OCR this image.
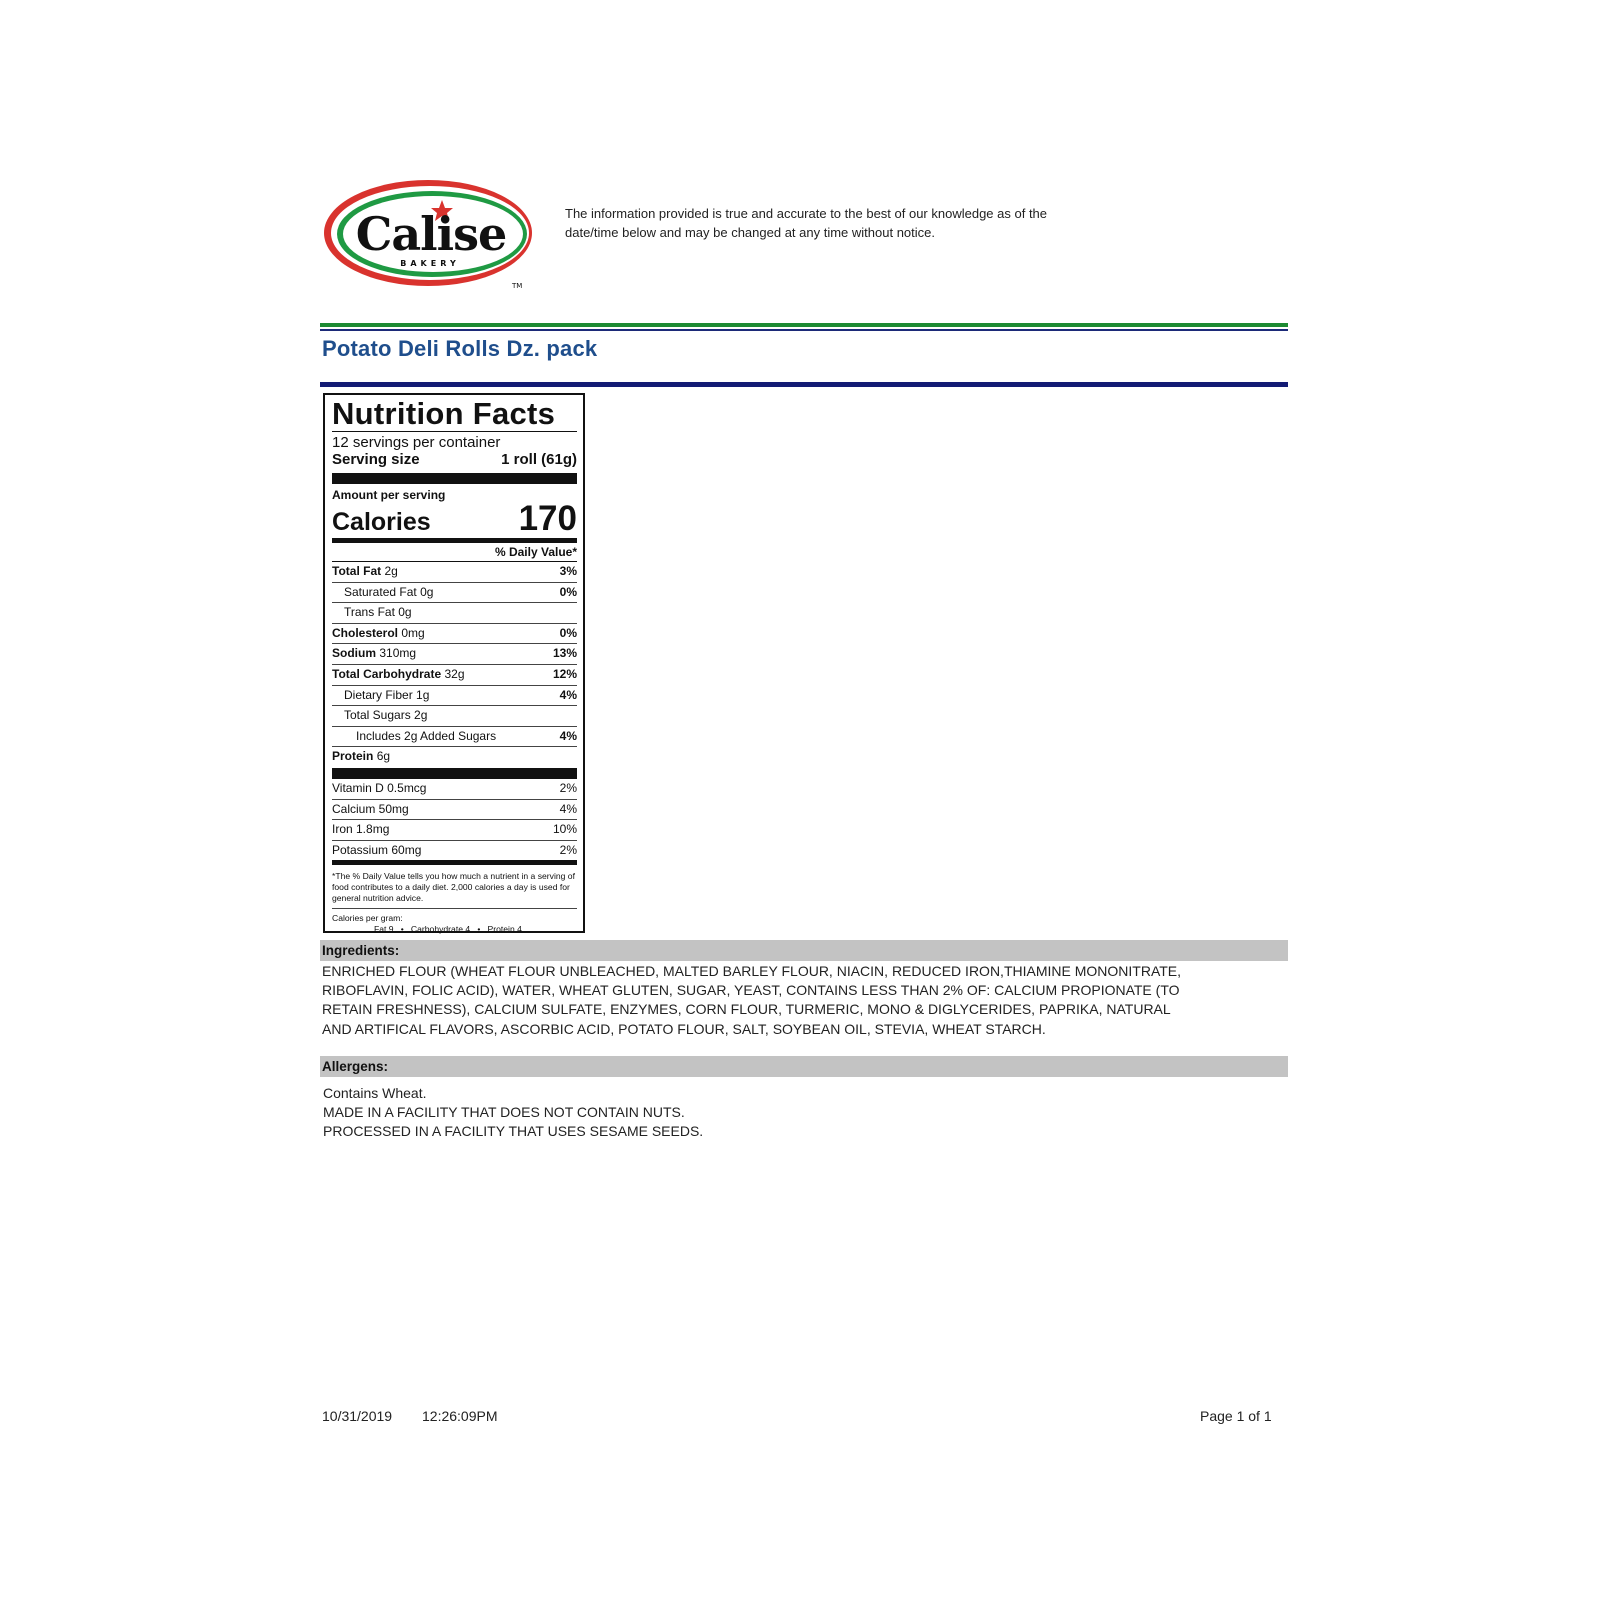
Calise
BAKERY
TM
The information provided is true and accurate to the best of our knowledge as of the date/time below and may be changed at any time without notice.
Potato Deli Rolls Dz. pack
Nutrition Facts
12 servings per container
Serving size	1 roll (61g)
Amount per serving
Calories	170
% Daily Value*
Total Fat 2g	3%
Saturated Fat 0g	0%
Trans Fat 0g
Cholesterol 0mg	0%
Sodium 310mg	13%
Total Carbohydrate 32g	12%
Dietary Fiber 1g	4%
Total Sugars 2g
Includes 2g Added Sugars	4%
Protein 6g
Vitamin D 0.5mcg	2%
Calcium 50mg	4%
Iron 1.8mg	10%
Potassium 60mg	2%
*The % Daily Value tells you how much a nutrient in a serving of food contributes to a daily diet. 2,000 calories a day is used for general nutrition advice.
Calories per gram:
Fat 9   •   Carbohydrate 4   •   Protein 4
Ingredients:
ENRICHED FLOUR (WHEAT FLOUR UNBLEACHED, MALTED BARLEY FLOUR, NIACIN, REDUCED IRON,THIAMINE MONONITRATE, RIBOFLAVIN, FOLIC ACID), WATER, WHEAT GLUTEN, SUGAR, YEAST, CONTAINS LESS THAN 2% OF: CALCIUM PROPIONATE (TO RETAIN FRESHNESS), CALCIUM SULFATE, ENZYMES, CORN FLOUR, TURMERIC, MONO & DIGLYCERIDES, PAPRIKA, NATURAL AND ARTIFICAL FLAVORS, ASCORBIC ACID, POTATO FLOUR, SALT, SOYBEAN OIL, STEVIA, WHEAT STARCH.
Allergens:
Contains Wheat.
MADE IN A FACILITY THAT DOES NOT CONTAIN NUTS.
PROCESSED IN A FACILITY THAT USES SESAME SEEDS.
10/31/2019 12:26:09PM	Page 1 of 1
